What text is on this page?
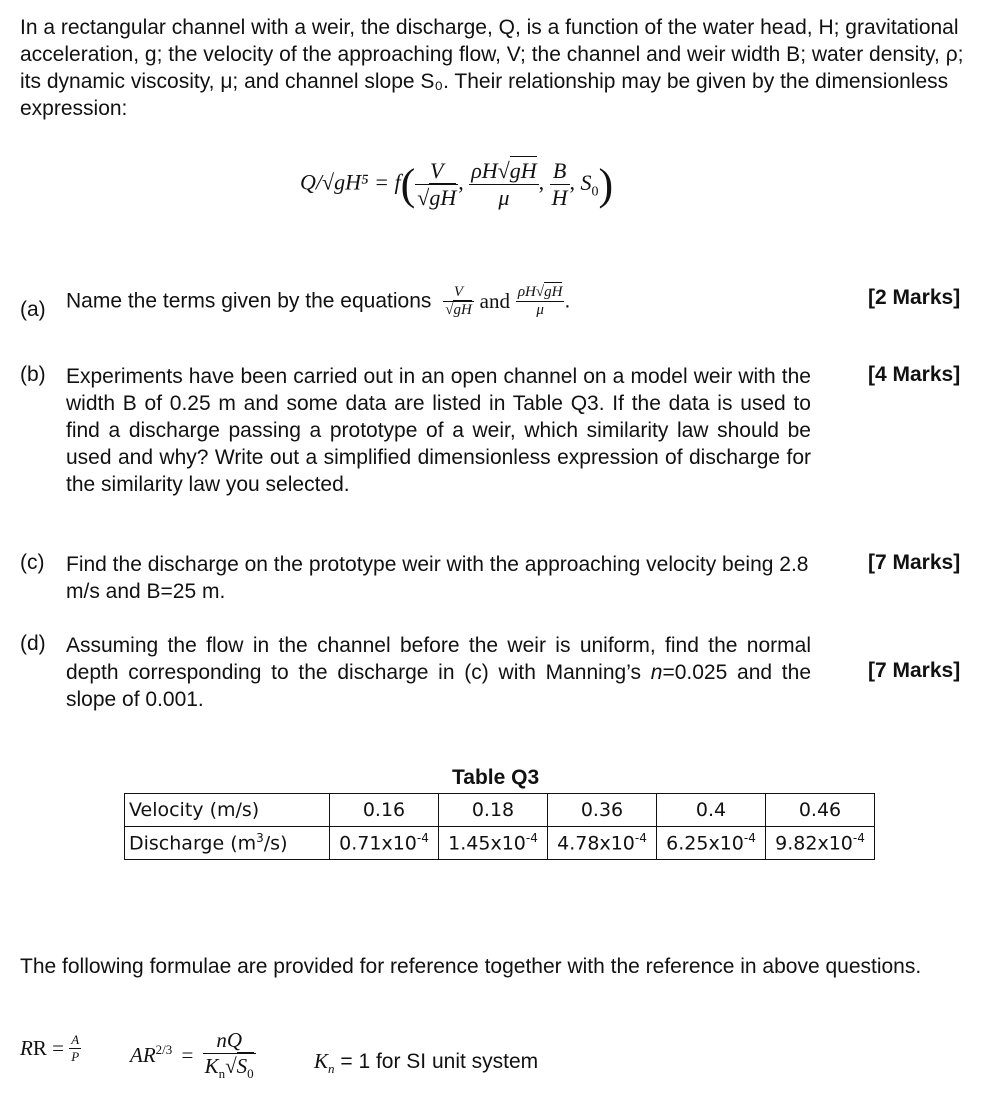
In a rectangular channel with a weir, the discharge, Q, is a function of the water head, H; gravitational acceleration, g; the velocity of the approaching flow, V; the channel and weir width B; water density, ρ; its dynamic viscosity, μ; and channel slope S₀. Their relationship may be given by the dimensionless expression:
$Q/√gH^5 = f( \frac{V}{√gH}$ , $\frac{\rho H√gH}{\mu}$ , $\frac{B}{H}$ , $S_0$)
(a) Name the terms given by the equations $\frac{V}{√gH}$ and $\frac{\rho H√gH}{\mu}$ .	[2 Marks]
(b) Experiments have been carried out in an open channel on a model weir with the width B of 0.25 m and some data are listed in Table Q3. If the data is used to find a discharge passing a prototype of a weir, which similarity law should be used and why? Write out a simplified dimensionless expression of discharge for the similarity law you selected.
[4 Marks]
(c) Find the discharge on the prototype weir with the approaching velocity being 2.8 m/s and B=25 m.
[7 Marks]
(d) Assuming the flow in the channel before the weir is uniform, find the normal depth corresponding to the discharge in (c) with Manning’s n=0.025 and the slope of 0.001.
[7 Marks]
Table Q3
Velocity (m/s)	0.16	0.18	0.36	0.4	0.46
Discharge $(m^3/s)$	$0.71x10^{-4}$	$1.45x10^{-4}$	$4.78x10^{-4}$	$6.25x10^{-4}$	$9.82x10^{-4}$
The following formulae are provided for reference together with the reference in above questions.
RR = $\frac{A}{P} AR^{2/3} = \frac{nQ}{K_n√S_0}$	$K_n = 1$ for SI unit system
